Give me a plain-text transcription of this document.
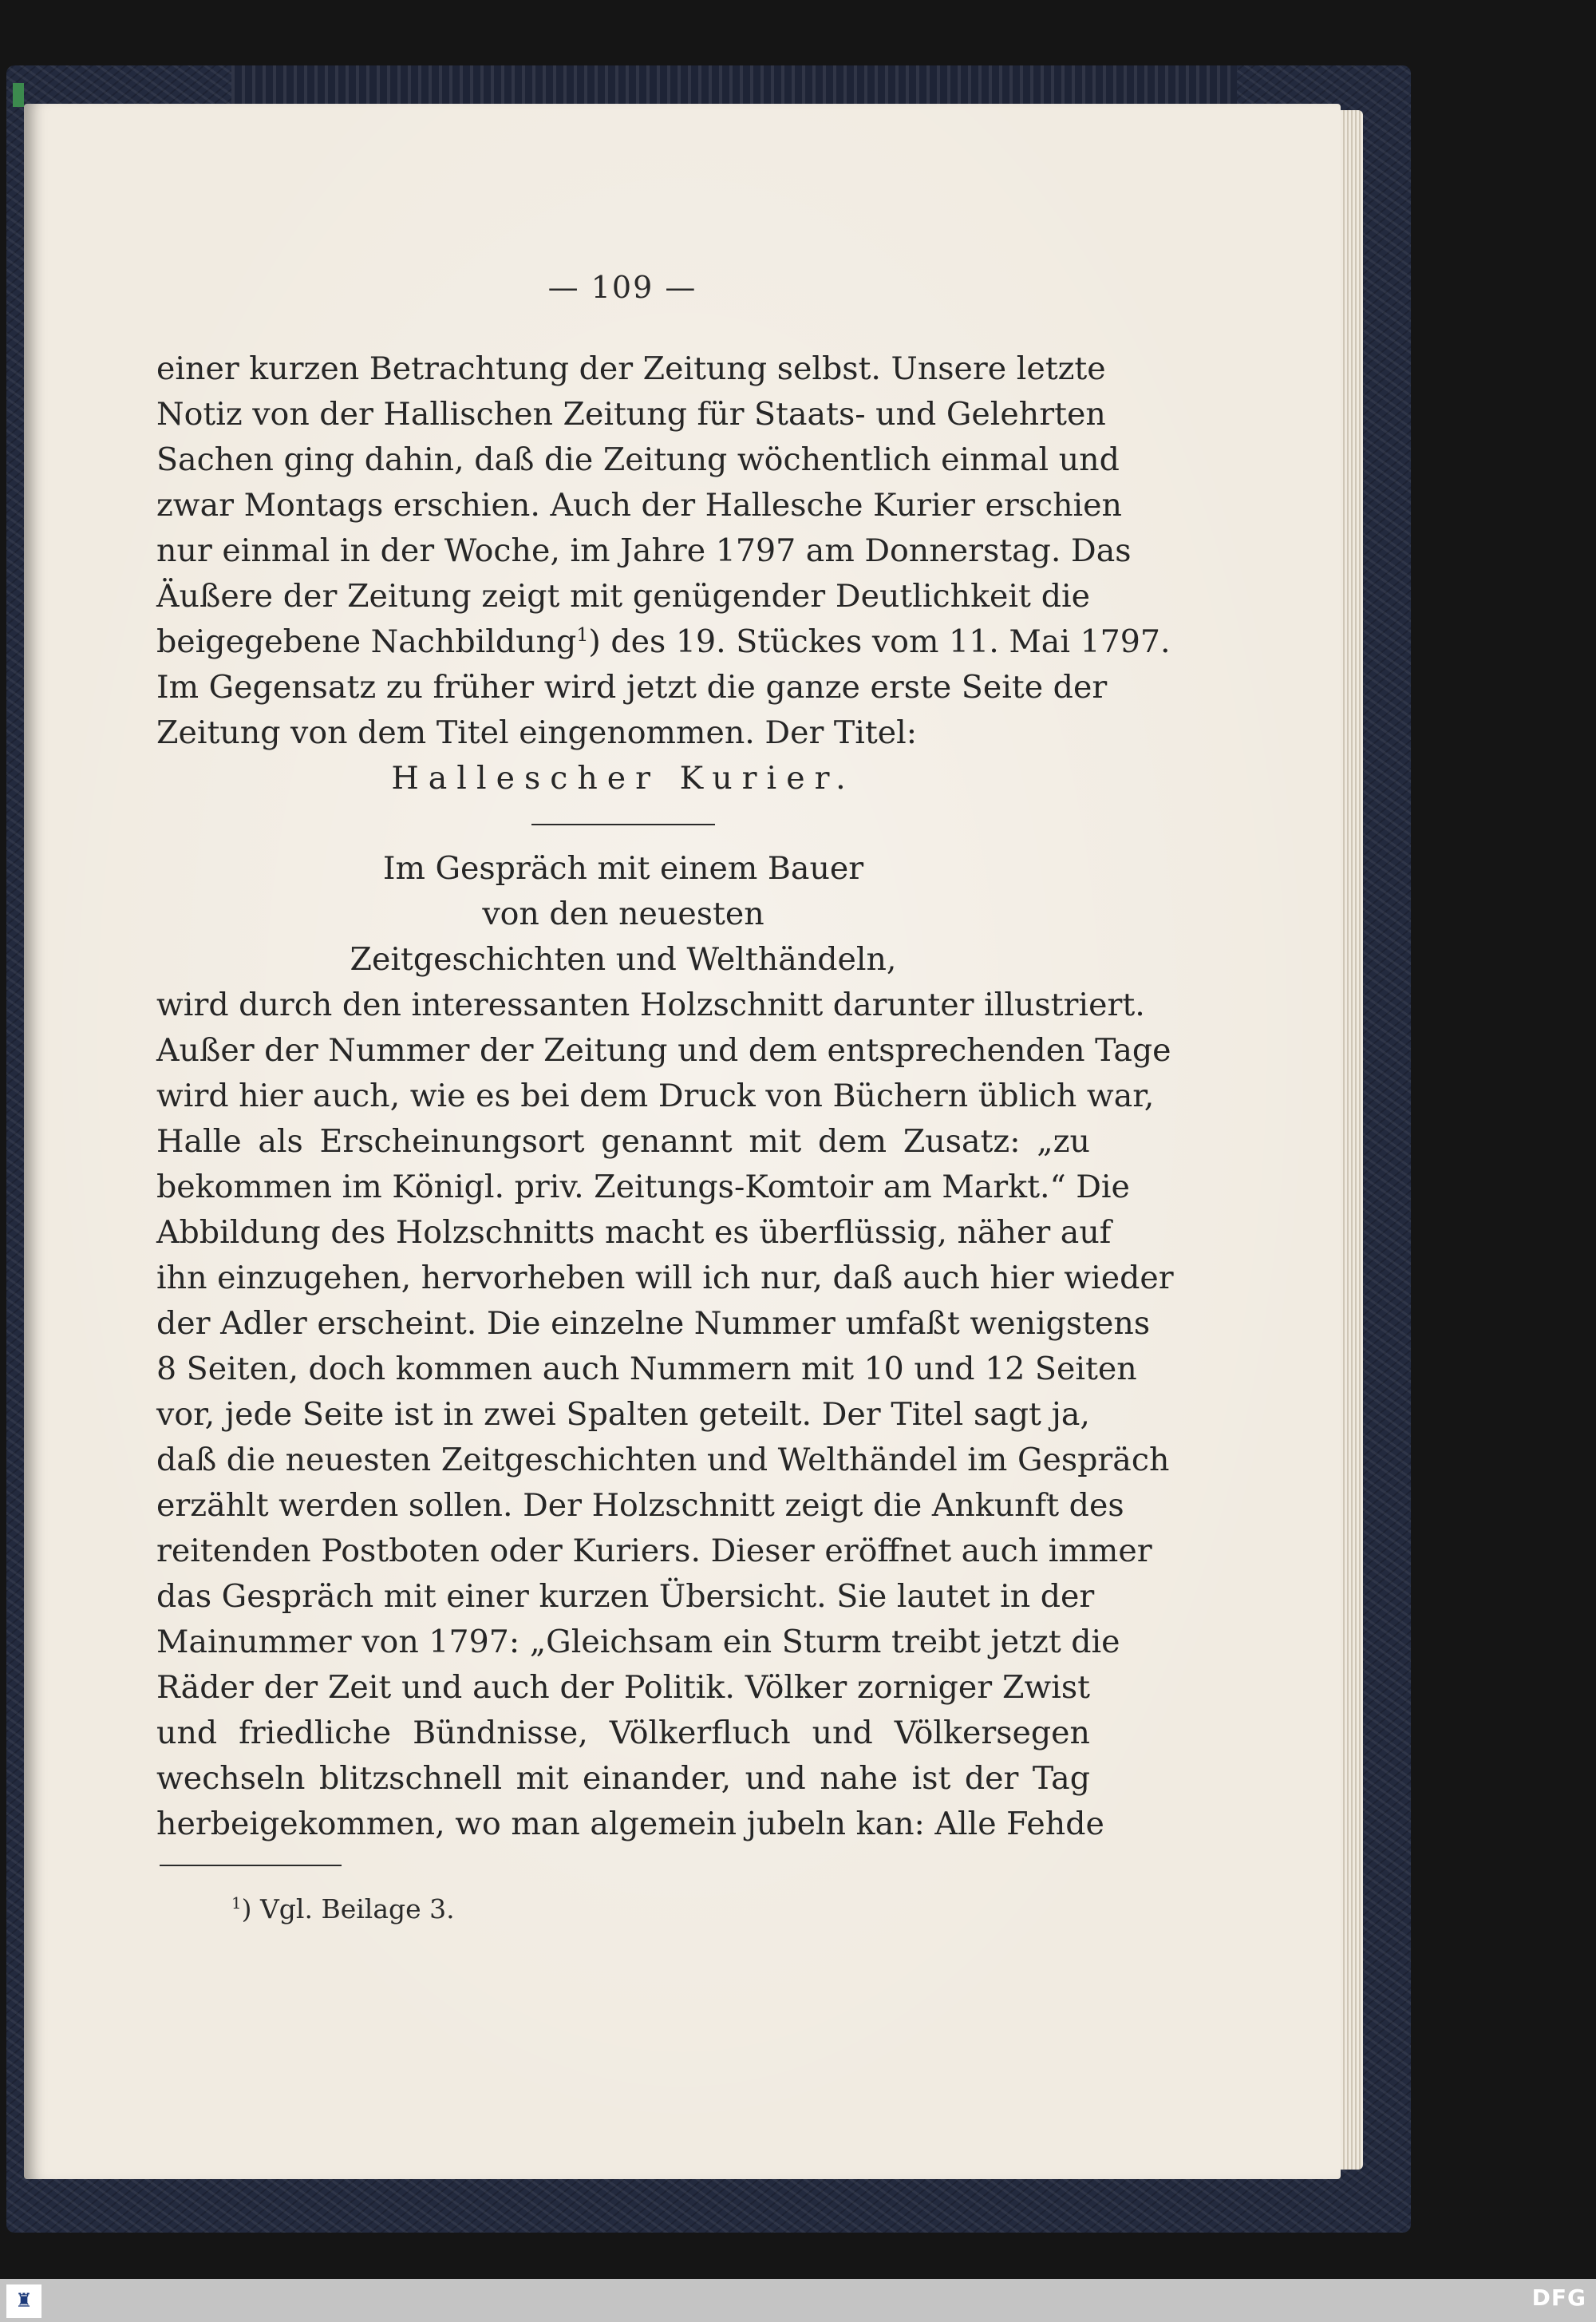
— 109 —
einer kurzen Betrachtung der Zeitung selbst. Unsere letzte
Notiz von der Hallischen Zeitung für Staats- und Gelehrten
Sachen ging dahin, daß die Zeitung wöchentlich einmal und
zwar Montags erschien. Auch der Hallesche Kurier erschien
nur einmal in der Woche, im Jahre 1797 am Donnerstag. Das
Äußere der Zeitung zeigt mit genügender Deutlichkeit die
beigegebene Nachbildung$^1$) des 19. Stückes vom 11. Mai 1797.
Im Gegensatz zu früher wird jetzt die ganze erste Seite der
Zeitung von dem Titel eingenommen. Der Titel:
Hallescher Kurier.
Im Gespräch mit einem Bauer
von den neuesten
Zeitgeschichten und Welthändeln,
wird durch den interessanten Holzschnitt darunter illustriert.
Außer der Nummer der Zeitung und dem entsprechenden Tage
wird hier auch, wie es bei dem Druck von Büchern üblich war,
Halle als Erscheinungsort genannt mit dem Zusatz: „zu
bekommen im Königl. priv. Zeitungs-Komtoir am Markt.“ Die
Abbildung des Holzschnitts macht es überflüssig, näher auf
ihn einzugehen, hervorheben will ich nur, daß auch hier wieder
der Adler erscheint. Die einzelne Nummer umfaßt wenigstens
8 Seiten, doch kommen auch Nummern mit 10 und 12 Seiten
vor, jede Seite ist in zwei Spalten geteilt. Der Titel sagt ja,
daß die neuesten Zeitgeschichten und Welthändel im Gespräch
erzählt werden sollen. Der Holzschnitt zeigt die Ankunft des
reitenden Postboten oder Kuriers. Dieser eröffnet auch immer
das Gespräch mit einer kurzen Übersicht. Sie lautet in der
Mainummer von 1797: „Gleichsam ein Sturm treibt jetzt die
Räder der Zeit und auch der Politik. Völker zorniger Zwist
und friedliche Bündnisse, Völkerfluch und Völkersegen
wechseln blitzschnell mit einander, und nahe ist der Tag
herbeigekommen, wo man algemein jubeln kan: Alle Fehde
$^1$) Vgl. Beilage 3.
♜	DFG
